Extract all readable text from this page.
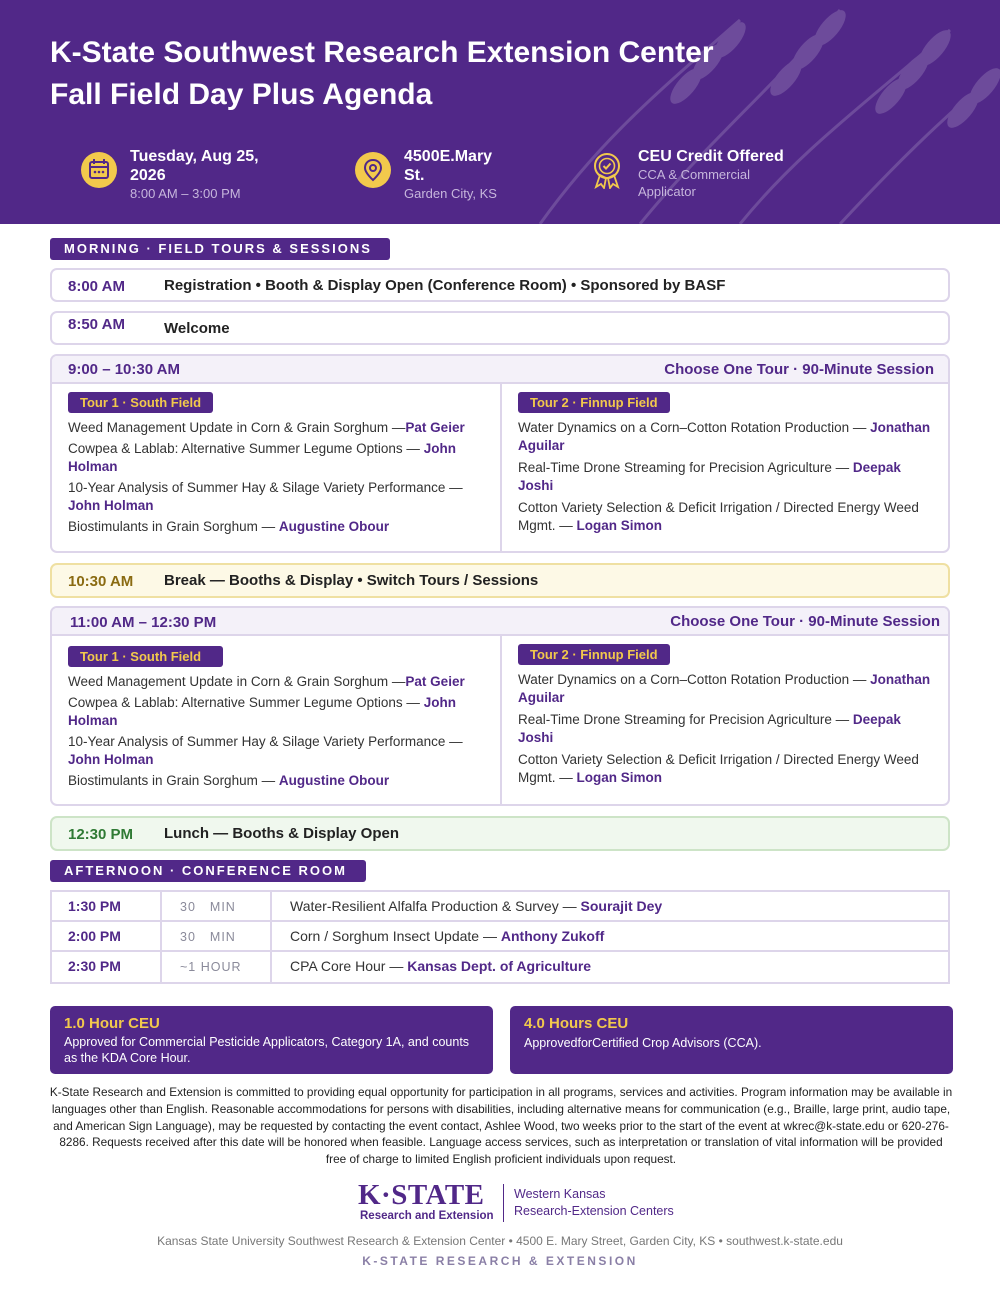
K-State Southwest Research Extension Center
Fall Field Day Plus Agenda
Tuesday, Aug 25, 2026
8:00 AM – 3:00 PM
4500E.Mary St.
Garden City, KS
CEU Credit Offered
CCA & Commercial Applicator
MORNING · FIELD TOURS & SESSIONS
8:00 AM	Registration • Booth & Display Open (Conference Room) • Sponsored by BASF
8:50 AM	Welcome
9:00 – 10:30 AM	Choose One Tour · 90-Minute Session
Tour 1 · South Field
Weed Management Update in Corn & Grain Sorghum —Pat Geier
Cowpea & Lablab: Alternative Summer Legume Options — John Holman
10-Year Analysis of Summer Hay & Silage Variety Performance — John Holman
Biostimulants in Grain Sorghum — Augustine Obour
Tour 2 · Finnup Field
Water Dynamics on a Corn–Cotton Rotation Production — Jonathan Aguilar
Real-Time Drone Streaming for Precision Agriculture — Deepak Joshi
Cotton Variety Selection & Deficit Irrigation / Directed Energy Weed Mgmt. — Logan Simon
10:30 AM Break — Booths & Display • Switch Tours / Sessions
11:00 AM – 12:30 PM	Choose One Tour · 90-Minute Session
Tour 1 · South Field
Weed Management Update in Corn & Grain Sorghum —Pat Geier
Cowpea & Lablab: Alternative Summer Legume Options — John Holman
10-Year Analysis of Summer Hay & Silage Variety Performance — John Holman
Biostimulants in Grain Sorghum — Augustine Obour
Tour 2 · Finnup Field
Water Dynamics on a Corn–Cotton Rotation Production — Jonathan Aguilar
Real-Time Drone Streaming for Precision Agriculture — Deepak Joshi
Cotton Variety Selection & Deficit Irrigation / Directed Energy Weed Mgmt. — Logan Simon
12:30 PM Lunch — Booths & Display Open
AFTERNOON · CONFERENCE ROOM
1:30 PM	30 MIN	Water-Resilient Alfalfa Production & Survey — Sourajit Dey
2:00 PM	30 MIN	Corn / Sorghum Insect Update — Anthony Zukoff
2:30 PM	~1 HOUR	CPA Core Hour — Kansas Dept. of Agriculture
1.0 Hour CEU

Approved for Commercial Pesticide Applicators, Category 1A, and counts as the KDA Core Hour.

4.0 Hours CEU

ApprovedforCertified Crop Advisors (CCA).

K-State Research and Extension is committed to providing equal opportunity for participation in all programs, services and activities. Program information may be available in languages other than English. Reasonable accommodations for persons with disabilities, including alternative means for communication (e.g., Braille, large print, audio tape, and American Sign Language), may be requested by contacting the event contact, Ashlee Wood, two weeks prior to the start of the event at wkrec@k-state.edu or 620-276-8286. Requests received after this date will be honored when feasible. Language access services, such as interpretation or translation of vital information will be provided free of charge to limited English proficient individuals upon request.
K·STATE
Research and Extension
Western Kansas
Research-Extension Centers
Kansas State University Southwest Research & Extension Center • 4500 E. Mary Street, Garden City, KS • southwest.k-state.edu
K-STATE RESEARCH & EXTENSION
